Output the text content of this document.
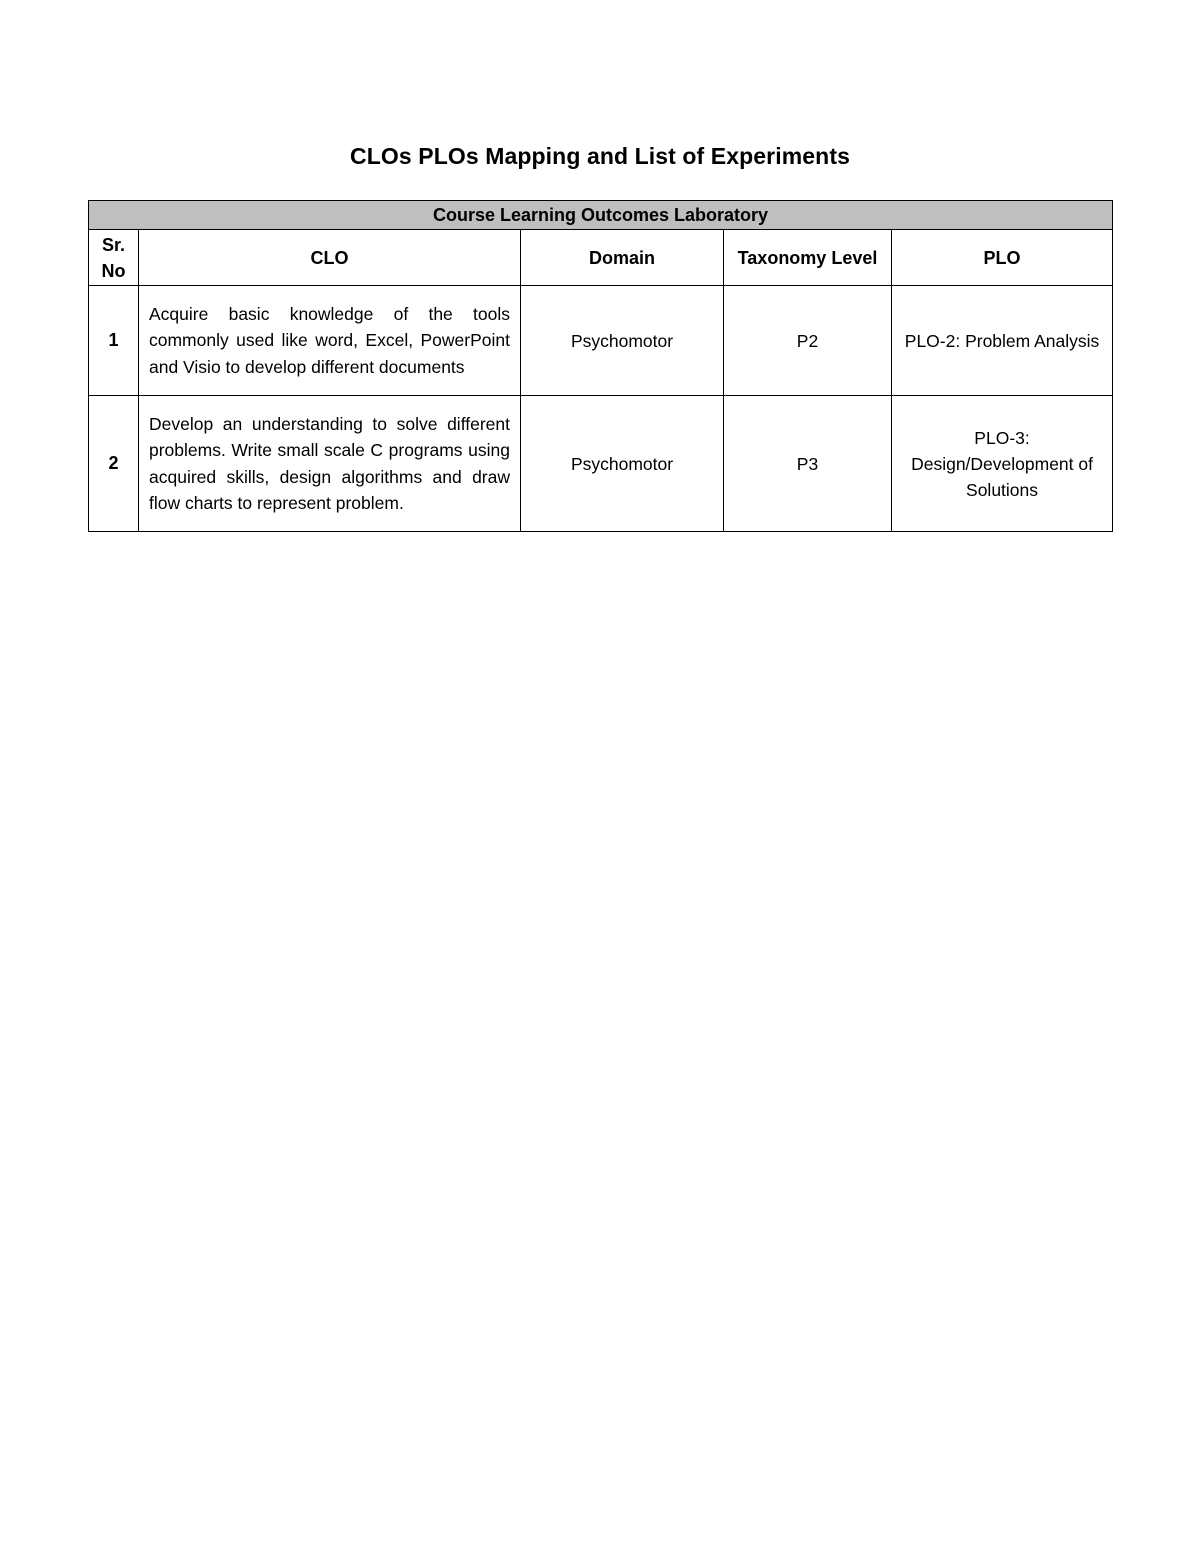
CLOs PLOs Mapping and List of Experiments
Course Learning Outcomes Laboratory				
Sr. No	CLO	Domain	Taxonomy Level	PLO
1	Acquire basic knowledge of the tools commonly used like word, Excel, PowerPoint and Visio to develop different documents	Psychomotor	P2	PLO-2: Problem Analysis
2	Develop an understanding to solve different problems. Write small scale C programs using acquired skills, design algorithms and draw flow charts to represent problem.	Psychomotor	P3	PLO-3: Design/Development of Solutions
